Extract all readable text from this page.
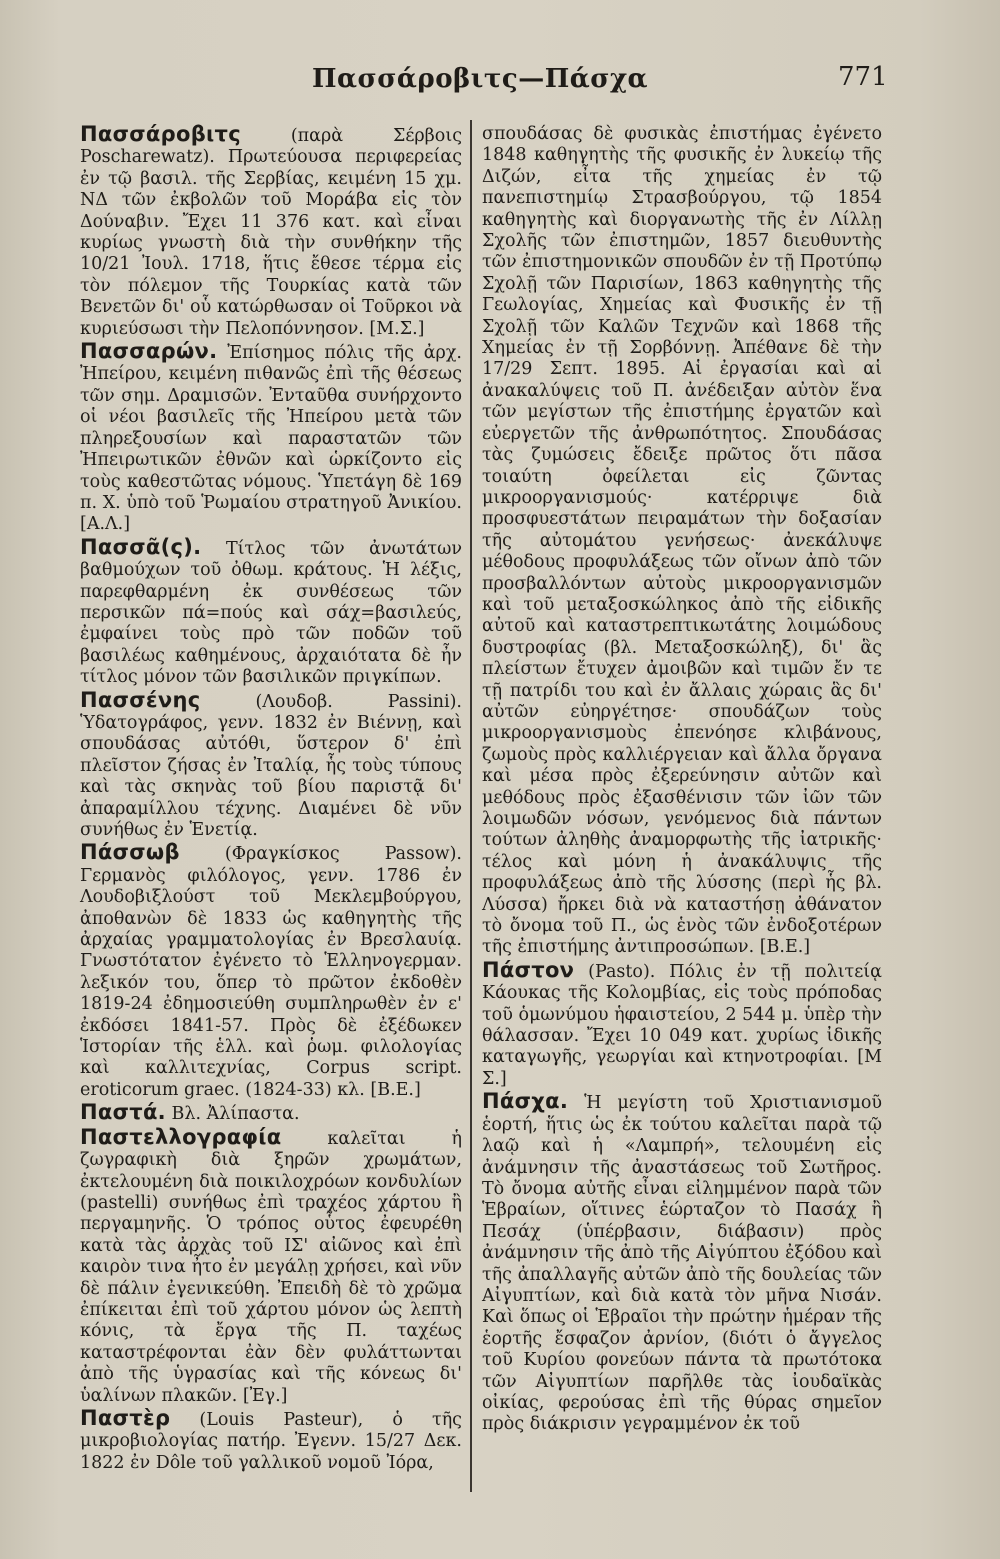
Πασσάροβιτς—Πάσχα	771

Πασσάροβιτς	(παρὰ Σέρβοις Poscharewatz). Πρωτεύουσα περιφερείας ἐν τῷ βασιλ. τῆς Σερβίας, κειμένη 15 χμ. ΝΔ τῶν ἐκβολῶν τοῦ Μοράβα εἰς τὸν Δούναβιν. Ἔχει 11 376 κατ. καὶ εἶναι κυρίως γνωστὴ διὰ τὴν συνθήκην τῆς 10/21 Ἰουλ. 1718, ἥτις ἔθεσε τέρμα εἰς τὸν πόλεμον τῆς Τουρκίας κατὰ τῶν Βενετῶν δι' οὗ κατώρθωσαν οἱ Τοῦρκοι νὰ κυριεύσωσι τὴν Πελοπόννησον. [Μ.Σ.]

Πασσαρών. Ἐπίσημος πόλις τῆς ἀρχ. Ἠπείρου, κειμένη πιθανῶς ἐπὶ τῆς θέσεως τῶν σημ. Δραμισῶν. Ἐνταῦθα συνήρχοντο οἱ νέοι βασιλεῖς τῆς Ἠπείρου μετὰ τῶν πληρεξουσίων καὶ παραστατῶν τῶν Ἠπειρωτικῶν ἐθνῶν καὶ ὡρκίζοντο εἰς τοὺς καθεστῶτας νόμους. Ὑπετάγη δὲ 169 π. Χ. ὑπὸ τοῦ Ῥωμαίου στρατηγοῦ Ἀνικίου. [Α.Λ.]

Πασσᾶ(ς). Τίτλος τῶν ἀνωτάτων βαθμούχων τοῦ ὀθωμ. κράτους. Ἡ λέξις, παρεφθαρμένη ἐκ συνθέσεως τῶν περσικῶν πά=πούς καὶ σάχ=βασιλεύς, ἐμφαίνει τοὺς πρὸ τῶν ποδῶν τοῦ βασιλέως καθημένους, ἀρχαιότατα δὲ ἦν τίτλος μόνον τῶν βασιλικῶν πριγκίπων.

Πασσένης	(Λουδοβ. Passini). Ὑδατογράφος, γενν. 1832 ἐν Βιέννῃ, καὶ σπουδάσας αὐτόθι, ὕστερον δ' ἐπὶ πλεῖστον ζήσας ἐν Ἰταλίᾳ, ἧς τοὺς τύπους καὶ τὰς σκηνὰς τοῦ βίου παριστᾷ δι' ἀπαραμίλλου τέχνης. Διαμένει δὲ νῦν συνήθως ἐν Ἑνετίᾳ.

Πάσσωβ	(Φραγκίσκος Passow). Γερμανὸς φιλόλογος, γενν. 1786 ἐν Λουδοβιξλούστ τοῦ Μεκλεμβούργου, ἀποθανὼν δὲ 1833 ὡς καθηγητὴς τῆς ἀρχαίας γραμματολογίας ἐν Βρεσλαυίᾳ. Γνωστότατον ἐγένετο τὸ Ἑλληνογερμαν. λεξικόν του, ὅπερ τὸ πρῶτον ἐκδοθὲν 1819-24 ἐδημοσιεύθη συμπληρωθὲν ἐν ε' ἐκδόσει 1841-57. Πρὸς δὲ ἐξέδωκεν Ἱστορίαν τῆς ἑλλ. καὶ ῥωμ. φιλολογίας καὶ καλλιτεχνίας, Corpus script. eroticorum graec. (1824-33) κλ. [Β.Ε.]

Παστά. Βλ. Ἀλίπαστα.

Παστελλογραφία	καλεῖται ἡ ζωγραφικὴ διὰ ξηρῶν χρωμάτων, ἐκτελουμένη διὰ ποικιλοχρόων κονδυλίων (pastelli) συνήθως ἐπὶ τραχέος χάρτου ἢ περγαμηνῆς. Ὁ τρόπος οὗτος ἐφευρέθη κατὰ τὰς ἀρχὰς τοῦ ΙΣ' αἰῶνος καὶ ἐπὶ καιρὸν τινα ἦτο ἐν μεγάλῃ χρήσει, καὶ νῦν δὲ πάλιν ἐγενικεύθη. Ἐπειδὴ δὲ τὸ χρῶμα ἐπίκειται ἐπὶ τοῦ χάρτου μόνον ὡς λεπτὴ κόνις, τὰ ἔργα τῆς Π. ταχέως καταστρέφονται ἐὰν δὲν φυλάττωνται ἀπὸ τῆς ὑγρασίας καὶ τῆς κόνεως δι' ὑαλίνων πλακῶν. [Ἐγ.]

Παστὲρ (Louis Pasteur), ὁ τῆς μικροβιολογίας πατήρ. Ἐγενν. 15/27 Δεκ. 1822 ἐν Dôle τοῦ γαλλικοῦ νομοῦ Ἰόρα,

σπουδάσας δὲ φυσικὰς ἐπιστήμας ἐγένετο 1848 καθηγητὴς τῆς φυσικῆς ἐν λυκείῳ τῆς Διζών, εἶτα τῆς χημείας ἐν τῷ πανεπιστημίῳ Στρασβούργου, τῷ 1854 καθηγητὴς καὶ διοργανωτὴς τῆς ἐν Λίλλῃ Σχολῆς τῶν ἐπιστημῶν, 1857 διευθυντὴς τῶν ἐπιστημονικῶν σπουδῶν ἐν τῇ Προτύπῳ Σχολῇ τῶν Παρισίων, 1863 καθηγητὴς τῆς Γεωλογίας, Χημείας καὶ Φυσικῆς ἐν τῇ Σχολῇ τῶν Καλῶν Τεχνῶν καὶ 1868 τῆς Χημείας ἐν τῇ Σορβόννῃ. Ἀπέθανε δὲ τὴν 17/29 Σεπτ. 1895. Αἱ ἐργασίαι καὶ αἱ ἀνακαλύψεις τοῦ Π. ἀνέδειξαν αὐτὸν ἕνα τῶν μεγίστων τῆς ἐπιστήμης ἐργατῶν καὶ εὐεργετῶν τῆς ἀνθρωπότητος. Σπουδάσας τὰς ζυμώσεις ἔδειξε πρῶτος ὅτι πᾶσα τοιαύτη ὀφείλεται εἰς ζῶντας μικροοργανισμούς· κατέρριψε διὰ προσφυεστάτων πειραμάτων τὴν δοξασίαν τῆς αὐτομάτου γενήσεως· ἀνεκάλυψε μέθοδους προφυλάξεως τῶν οἴνων ἀπὸ τῶν προσβαλλόντων αὐτοὺς μικροοργανισμῶν καὶ τοῦ μεταξοσκώληκος ἀπὸ τῆς εἰδικῆς αὐτοῦ καὶ καταστρεπτικωτάτης λοιμώδους δυστροφίας (βλ. Μεταξοσκώληξ), δι' ἃς πλείστων ἔτυχεν ἀμοιβῶν καὶ τιμῶν ἔν τε τῇ πατρίδι του καὶ ἐν ἄλλαις χώραις ἃς δι' αὐτῶν εὐηργέτησε· σπουδάζων τοὺς μικροοργανισμοὺς ἐπενόησε κλιβάνους, ζωμοὺς πρὸς καλλιέργειαν καὶ ἄλλα ὄργανα καὶ μέσα πρὸς ἐξερεύνησιν αὐτῶν καὶ μεθόδους πρὸς ἐξασθένισιν τῶν ἰῶν τῶν λοιμωδῶν νόσων, γενόμενος διὰ πάντων τούτων ἀληθὴς ἀναμορφωτὴς τῆς ἰατρικῆς· τέλος καὶ μόνη ἡ ἀνακάλυψις τῆς προφυλάξεως ἀπὸ τῆς λύσσης (περὶ ἧς βλ. Λύσσα) ἤρκει διὰ νὰ καταστήσῃ ἀθάνατον τὸ ὄνομα τοῦ Π., ὡς ἑνὸς τῶν ἐνδοξοτέρων τῆς ἐπιστήμης ἀντιπροσώπων. [Β.Ε.]

Πάστον (Pasto). Πόλις ἐν τῇ πολιτείᾳ Κάουκας τῆς Κολομβίας, εἰς τοὺς πρόποδας τοῦ ὁμωνύμου ἡφαιστείου, 2 544 μ. ὑπὲρ τὴν θάλασσαν. Ἔχει 10 049 κατ. χυρίως ἰδικῆς καταγωγῆς, γεωργίαι καὶ κτηνοτροφίαι. [Μ Σ.]

Πάσχα. Ἡ μεγίστη τοῦ Χριστιανισμοῦ ἑορτή, ἥτις ὡς ἐκ τούτου καλεῖται παρὰ τῷ λαῷ καὶ ἡ «Λαμπρή», τελουμένη εἰς ἀνάμνησιν τῆς ἀναστάσεως τοῦ Σωτῆρος. Τὸ ὄνομα αὐτῆς εἶναι εἰλημμένον παρὰ τῶν Ἑβραίων, οἵτινες ἑώρταζον τὸ Πασάχ ἢ Πεσάχ (ὑπέρβασιν, διάβασιν) πρὸς ἀνάμνησιν τῆς ἀπὸ τῆς Αἰγύπτου ἐξόδου καὶ τῆς ἀπαλλαγῆς αὐτῶν ἀπὸ τῆς δουλείας τῶν Αἰγυπτίων, καὶ διὰ κατὰ τὸν μῆνα Νισάν. Καὶ ὅπως οἱ Ἑβραῖοι τὴν πρώτην ἡμέραν τῆς ἑορτῆς ἔσφαζον ἀρνίον, (διότι ὁ ἄγγελος τοῦ Κυρίου φονεύων πάντα τὰ πρωτότοκα τῶν Αἰγυπτίων παρῆλθε τὰς ἰουδαϊκὰς οἰκίας, φερούσας ἐπὶ τῆς θύρας σημεῖον πρὸς διάκρισιν γεγραμμένον ἐκ τοῦ
